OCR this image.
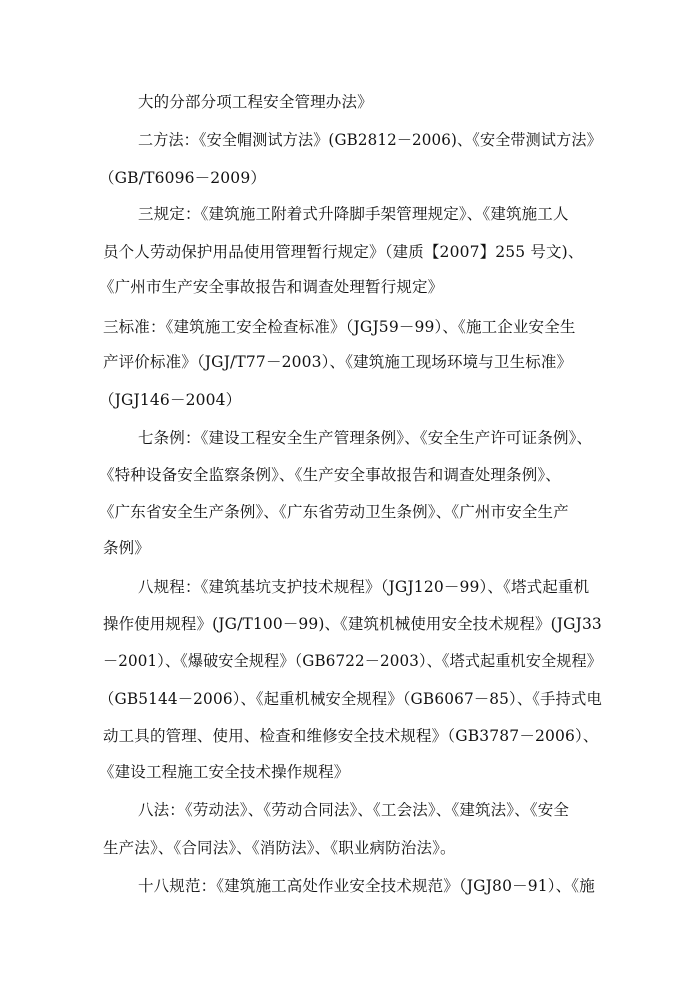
大的分部分项工程安全管理办法》
二方法：《安全帽测试方法》(GB2812－2006)、《安全带测试方法》
（GB/T6096－2009）
三规定：《建筑施工附着式升降脚手架管理规定》、《建筑施工人
员个人劳动保护用品使用管理暂行规定》（建质【2007】255 号文)、
《广州市生产安全事故报告和调查处理暂行规定》
三标准：《建筑施工安全检查标准》（JGJ59－99）、《施工企业安全生
产评价标准》（JGJ/T77－2003）、《建筑施工现场环境与卫生标准》
（JGJ146－2004）
七条例：《建设工程安全生产管理条例》、《安全生产许可证条例》、
《特种设备安全监察条例》、《生产安全事故报告和调查处理条例》、
《广东省安全生产条例》、《广东省劳动卫生条例》、《广州市安全生产
条例》
八规程：《建筑基坑支护技术规程》（JGJ120－99）、《塔式起重机
操作使用规程》(JG/T100－99)、《建筑机械使用安全技术规程》(JGJ33
－2001）、《爆破安全规程》（GB6722－2003）、《塔式起重机安全规程》
（GB5144－2006）、《起重机械安全规程》（GB6067－85）、《手持式电
动工具的管理、使用、检查和维修安全技术规程》（GB3787－2006）、
《建设工程施工安全技术操作规程》
八法：《劳动法》、《劳动合同法》、《工会法》、《建筑法》、《安全
生产法》、《合同法》、《消防法》、《职业病防治法》。
十八规范：《建筑施工高处作业安全技术规范》（JGJ80－91）、《施
